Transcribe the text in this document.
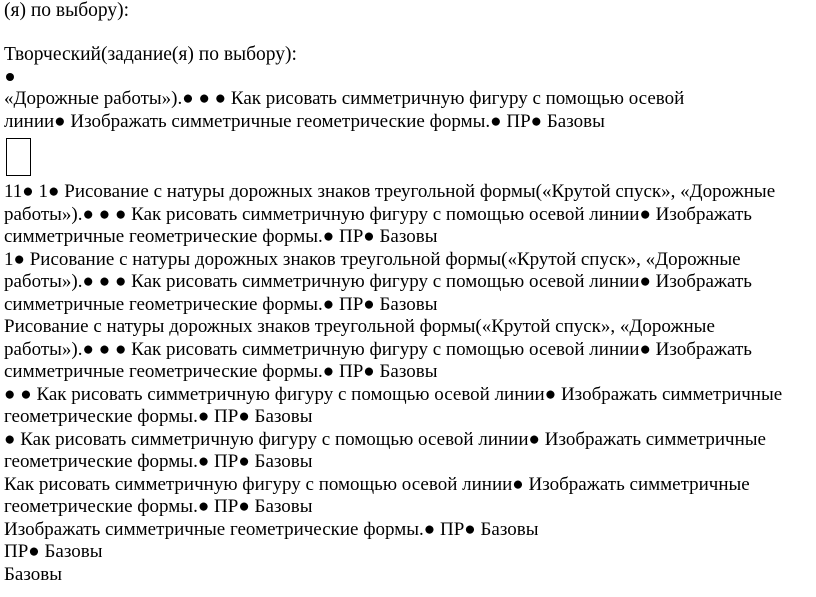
(я) по выбору):
Творческий(задание(я) по выбору):
«Дорожные работы»).● ● ● Как рисовать симметричную фигуру с помощью осевой
линии● Изображать симметричные геометрические формы.● ПР● Базовы
11● 1● Рисование с натуры дорожных знаков треугольной формы(«Крутой спуск», «Дорожные
работы»).● ● ● Как рисовать симметричную фигуру с помощью осевой линии● Изображать
симметричные геометрические формы.● ПР● Базовы
1● Рисование с натуры дорожных знаков треугольной формы(«Крутой спуск», «Дорожные
работы»).● ● ● Как рисовать симметричную фигуру с помощью осевой линии● Изображать
симметричные геометрические формы.● ПР● Базовы
Рисование с натуры дорожных знаков треугольной формы(«Крутой спуск», «Дорожные
работы»).● ● ● Как рисовать симметричную фигуру с помощью осевой линии● Изображать
симметричные геометрические формы.● ПР● Базовы
● ● Как рисовать симметричную фигуру с помощью осевой линии● Изображать симметричные
геометрические формы.● ПР● Базовы
● Как рисовать симметричную фигуру с помощью осевой линии● Изображать симметричные
геометрические формы.● ПР● Базовы
Как рисовать симметричную фигуру с помощью осевой линии● Изображать симметричные
геометрические формы.● ПР● Базовы
Изображать симметричные геометрические формы.● ПР● Базовы
ПР● Базовы
Базовы
